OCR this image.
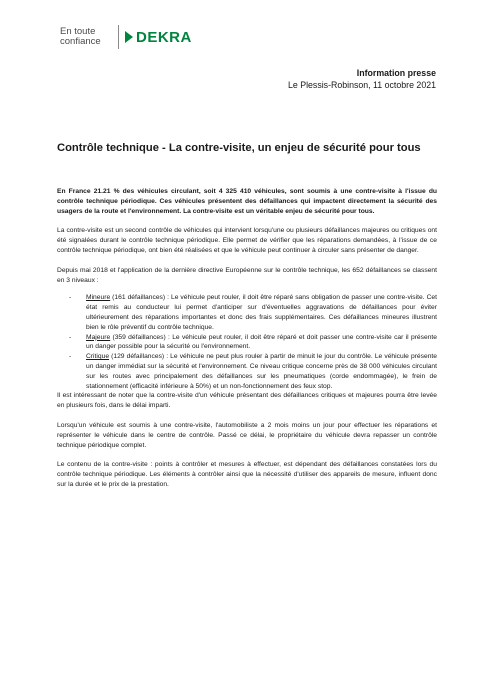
En toute confiance	DEKRA
Information presse
Le Plessis-Robinson, 11 octobre 2021
Contrôle technique - La contre-visite, un enjeu de sécurité pour tous

En France 21.21 % des véhicules circulant, soit 4 325 410 véhicules, sont soumis à une contre-visite à l'issue du contrôle technique périodique. Ces véhicules présentent des défaillances qui impactent directement la sécurité des usagers de la route et l'environnement. La contre-visite est un véritable enjeu de sécurité pour tous.

La contre-visite est un second contrôle de véhicules qui intervient lorsqu'une ou plusieurs défaillances majeures ou critiques ont été signalées durant le contrôle technique périodique. Elle permet de vérifier que les réparations demandées, à l'issue de ce contrôle technique périodique, ont bien été réalisées et que le véhicule peut continuer à circuler sans présenter de danger.

Depuis mai 2018 et l'application de la dernière directive Européenne sur le contrôle technique, les 652 défaillances se classent en 3 niveaux :

- Mineure (161 défaillances) : Le véhicule peut rouler, il doit être réparé sans obligation de passer une contre-visite. Cet état remis au conducteur lui permet d'anticiper sur d'éventuelles aggravations de défaillances pour éviter ultérieurement des réparations importantes et donc des frais supplémentaires. Ces défaillances mineures illustrent bien le rôle préventif du contrôle technique.
- Majeure (359 défaillances) : Le véhicule peut rouler, il doit être réparé et doit passer une contre-visite car il présente un danger possible pour la sécurité ou l'environnement.
- Critique (129 défaillances) : Le véhicule ne peut plus rouler à partir de minuit le jour du contrôle. Le véhicule présente un danger immédiat sur la sécurité et l'environnement. Ce niveau critique concerne près de 38 000 véhicules circulant sur les routes avec principalement des défaillances sur les pneumatiques (corde endommagée), le frein de stationnement (efficacité inférieure à 50%) et un non-fonctionnement des feux stop.

Il est intéressant de noter que la contre-visite d'un véhicule présentant des défaillances critiques et majeures pourra être levée en plusieurs fois, dans le délai imparti.

Lorsqu'un véhicule est soumis à une contre-visite, l'automobiliste a 2 mois moins un jour pour effectuer les réparations et représenter le véhicule dans le centre de contrôle. Passé ce délai, le propriétaire du véhicule devra repasser un contrôle technique périodique complet.

Le contenu de la contre-visite : points à contrôler et mesures à effectuer, est dépendant des défaillances constatées lors du contrôle technique périodique. Les éléments à contrôler ainsi que la nécessité d'utiliser des appareils de mesure, influent donc sur la durée et le prix de la prestation.
